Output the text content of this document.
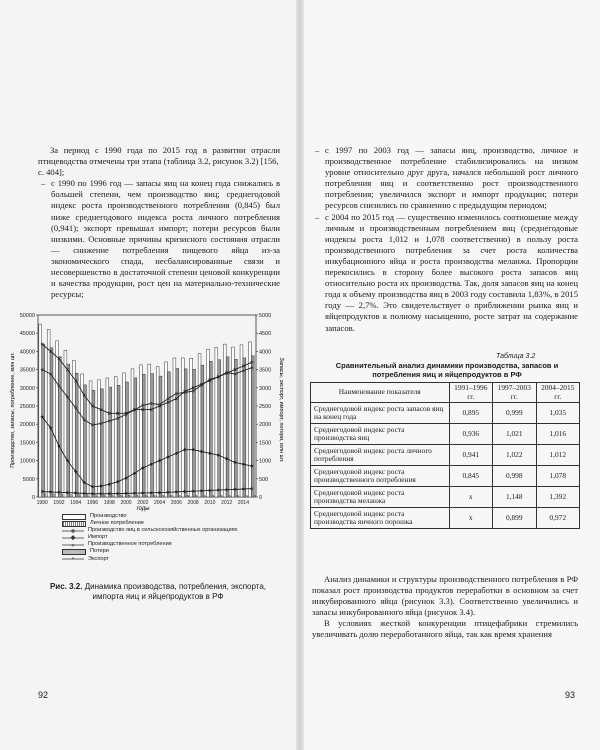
За период с 1990 года по 2015 год в развитии отрасли птицеводства отмечены три этапа (таблица 3.2, рисунок 3.2) [156,

с. 404];

– с 1990 по 1996 год — запасы яиц на конец года снижались в большей степени, чем производство яиц; среднегодовой индекс роста производственного потребления (0,845) был ниже среднегодового индекса роста личного потребления (0,941); экспорт превышал импорт; потери ресурсов были низкими. Основные причины кризисного состояния отрасли — снижение потребления пищевого яйца из-за экономического спада, несбалансированные связи и несовершенство в достаточной степени ценовой конкуренции и качества продукции, рост цен на материально-технические ресурсы;
0
5000
10000
15000
20000
25000
30000
35000
40000
45000
50000
0
500
1000
1500
2000
2500
3000
3500
4000
4500
5000
1990 1992 1994 1996 1998 2000 2002 2004 2006 2008 2010 2012 2014
годы
Производство, запасы, потребление, млн шт.	Запасы, экспорт, импорт, потери, млн шт.
Производство
Личное потребление
Производство яиц в сельскохозяйственных организациях
Импорт
× Производственное потребление
Потери
* Экспорт
Рис. 3.2. Динамика производства, потребления, экспорта, импорта яиц и яйцепродуктов в РФ
92
– с 1997 по 2003 год — запасы яиц, производство, личное и производственное потребление стабилизировались на низком уровне относительно друг друга, начался небольшой рост личного потребления яиц и соответственно рост производственного потребления; увеличился экспорт и импорт продукции; потери ресурсов снизились по сравнению с предыдущим периодом;
– с 2004 по 2015 год — существенно изменилось соотношение между личным и производственным потреблением яиц (среднегодовые индексы роста 1,012 и 1,078 соответственно) в пользу роста производственного потребления за счет роста количества инкубационного яйца и роста производства меланжа. Пропорции перекосились в сторону более высокого роста запасов яиц относительно роста их производства. Так, доля запасов яиц на конец года к объему производства яиц в 2003 году составила 1,83%, в 2015 году — 2,7%. Это свидетельствует о приближении рынка яиц и яйцепродуктов к полному насыщению, росте затрат на содержание запасов.
Таблица 3.2
Сравнительный анализ динамики производства, запасов и потребления яиц и яйцепродуктов в РФ
Наименование показателя	1991–1996 гг.	1997–2003 гг.	2004–2015 гг.
Среднегодовой индекс роста запасов яиц на конец года	0,895	0,999	1,035
Среднегодовой индекс роста производства яиц	0,936	1,021	1,016
Среднегодовой индекс роста личного потребления	0,941	1,022	1,012
Среднегодовой индекс роста производственного потребления	0,845	0,998	1,078
Среднегодовой индекс роста производства меланжа	х	1,148	1,392
Среднегодовой индекс роста производства яичного порошка	х	0,899	0,972

Анализ динамики и структуры производственного потребления в РФ показал рост производства продуктов переработки в основном за счет инкубированного яйца (рисунок 3.3). Соответственно увеличились и запасы инкубированного яйца (рисунок 3.4).

В условиях жесткой конкуренции птицефабрики стремились увеличивать долю переработанного яйца, так как время хранения

93
